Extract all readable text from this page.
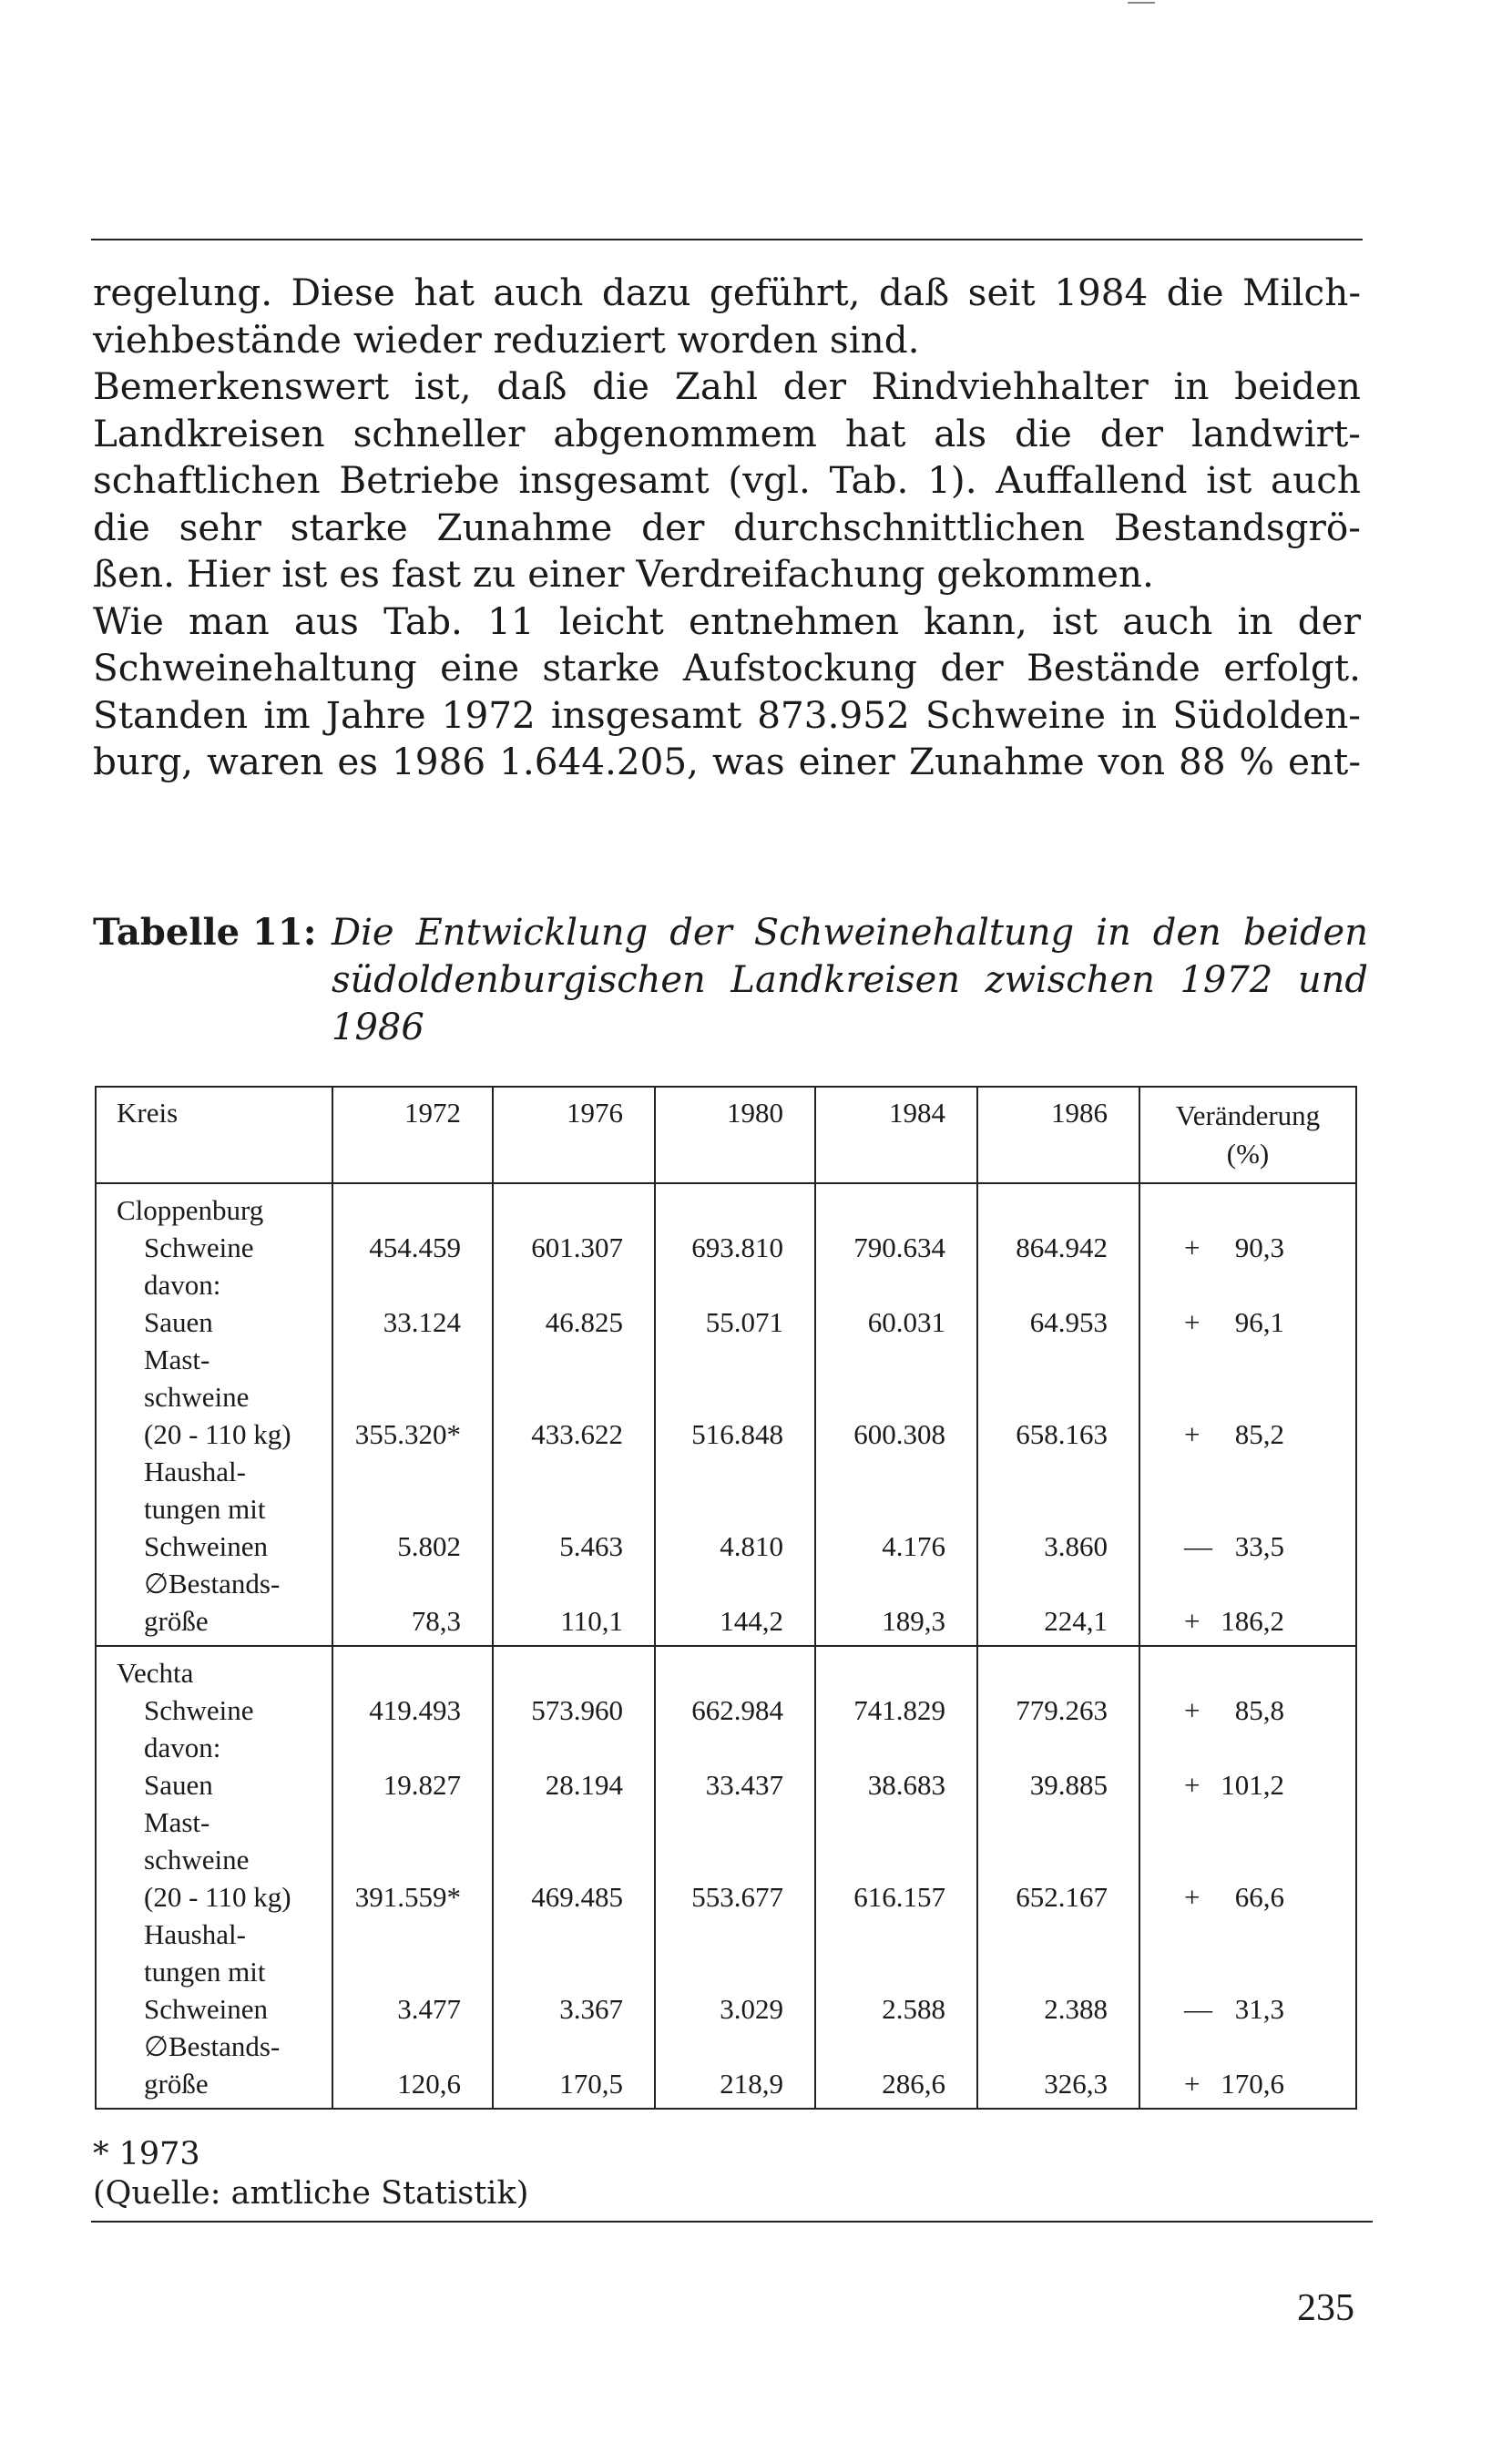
regelung. Diese hat auch dazu geführt, daß seit 1984 die Milch-
viehbestände wieder reduziert worden sind.
Bemerkenswert ist, daß die Zahl der Rindviehhalter in beiden
Landkreisen schneller abgenommem hat als die der landwirt-
schaftlichen Betriebe insgesamt (vgl. Tab. 1). Auffallend ist auch
die sehr starke Zunahme der durchschnittlichen Bestandsgrö-
ßen. Hier ist es fast zu einer Verdreifachung gekommen.
Wie man aus Tab. 11 leicht entnehmen kann, ist auch in der
Schweinehaltung eine starke Aufstockung der Bestände erfolgt.
Standen im Jahre 1972 insgesamt 873.952 Schweine in Südolden-
burg, waren es 1986 1.644.205, was einer Zunahme von 88 % ent-
Tabelle 11: Die Entwicklung der Schweinehaltung in den beiden
südoldenburgischen Landkreisen zwischen 1972 und
1986
Kreis	1972	1976	1980	1984	1986	Veränderung
(%)
Cloppenburg						

Schweine	454.459	601.307	693.810	790.634	864.942	+ 90,3

davon:
Sauen	33.124	46.825	55.071	60.031	64.953	+ 96,1

Mast-
schweine
(20 - 110 kg)	355.320*	433.622	516.848	600.308	658.163	+ 85,2

Haushal-
tungen mit
Schweinen	5.802	5.463	4.810	4.176	3.860	— 33,5

∅Bestands-
größe	78,3	110,1	144,2	189,3	224,1	+ 186,2

Vechta						

Schweine	419.493	573.960	662.984	741.829	779.263	+ 85,8

davon:
Sauen	19.827	28.194	33.437	38.683	39.885	+ 101,2

Mast-
schweine
(20 - 110 kg)	391.559*	469.485	553.677	616.157	652.167	+ 66,6

Haushal-
tungen mit
Schweinen	3.477	3.367	3.029	2.588	2.388	— 31,3

∅Bestands-
größe	120,6	170,5	218,9	286,6	326,3	+ 170,6

* 1973
(Quelle: amtliche Statistik)
235
